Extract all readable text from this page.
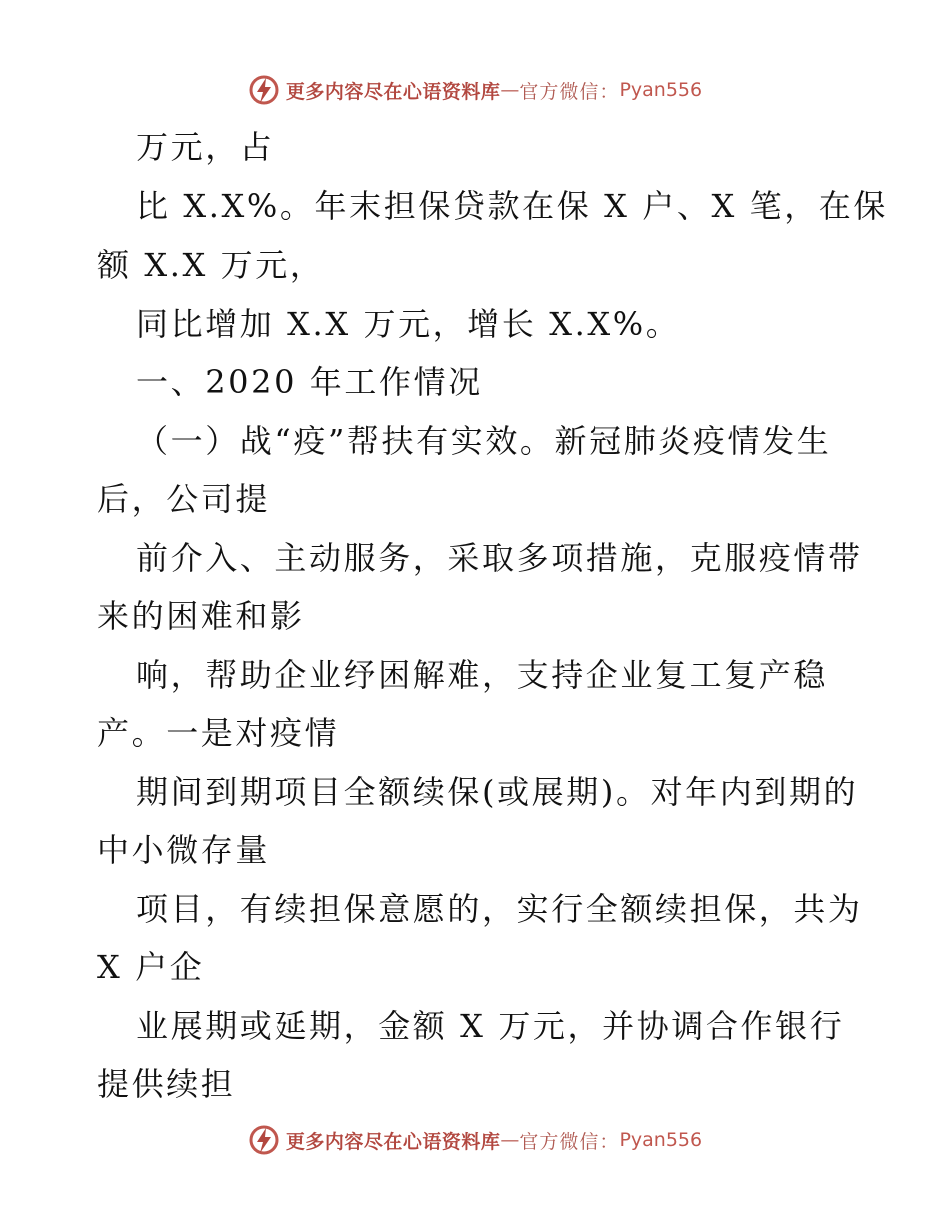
更多内容尽在心语资料库 — 官方微信： Pyan556
万元，占
比 X.X%。年末担保贷款在保 X 户、X 笔，在保
额 X.X 万元，
同比增加 X.X 万元，增长 X.X%。
一、2020 年工作情况
（一）战“疫”帮扶有实效。新冠肺炎疫情发生
后，公司提
前介入、主动服务，采取多项措施，克服疫情带
来的困难和影
响，帮助企业纾困解难，支持企业复工复产稳
产。一是对疫情
期间到期项目全额续保(或展期)。对年内到期的
中小微存量
项目，有续担保意愿的，实行全额续担保，共为
X 户企
业展期或延期，金额 X 万元，并协调合作银行
提供续担
更多内容尽在心语资料库 — 官方微信： Pyan556
